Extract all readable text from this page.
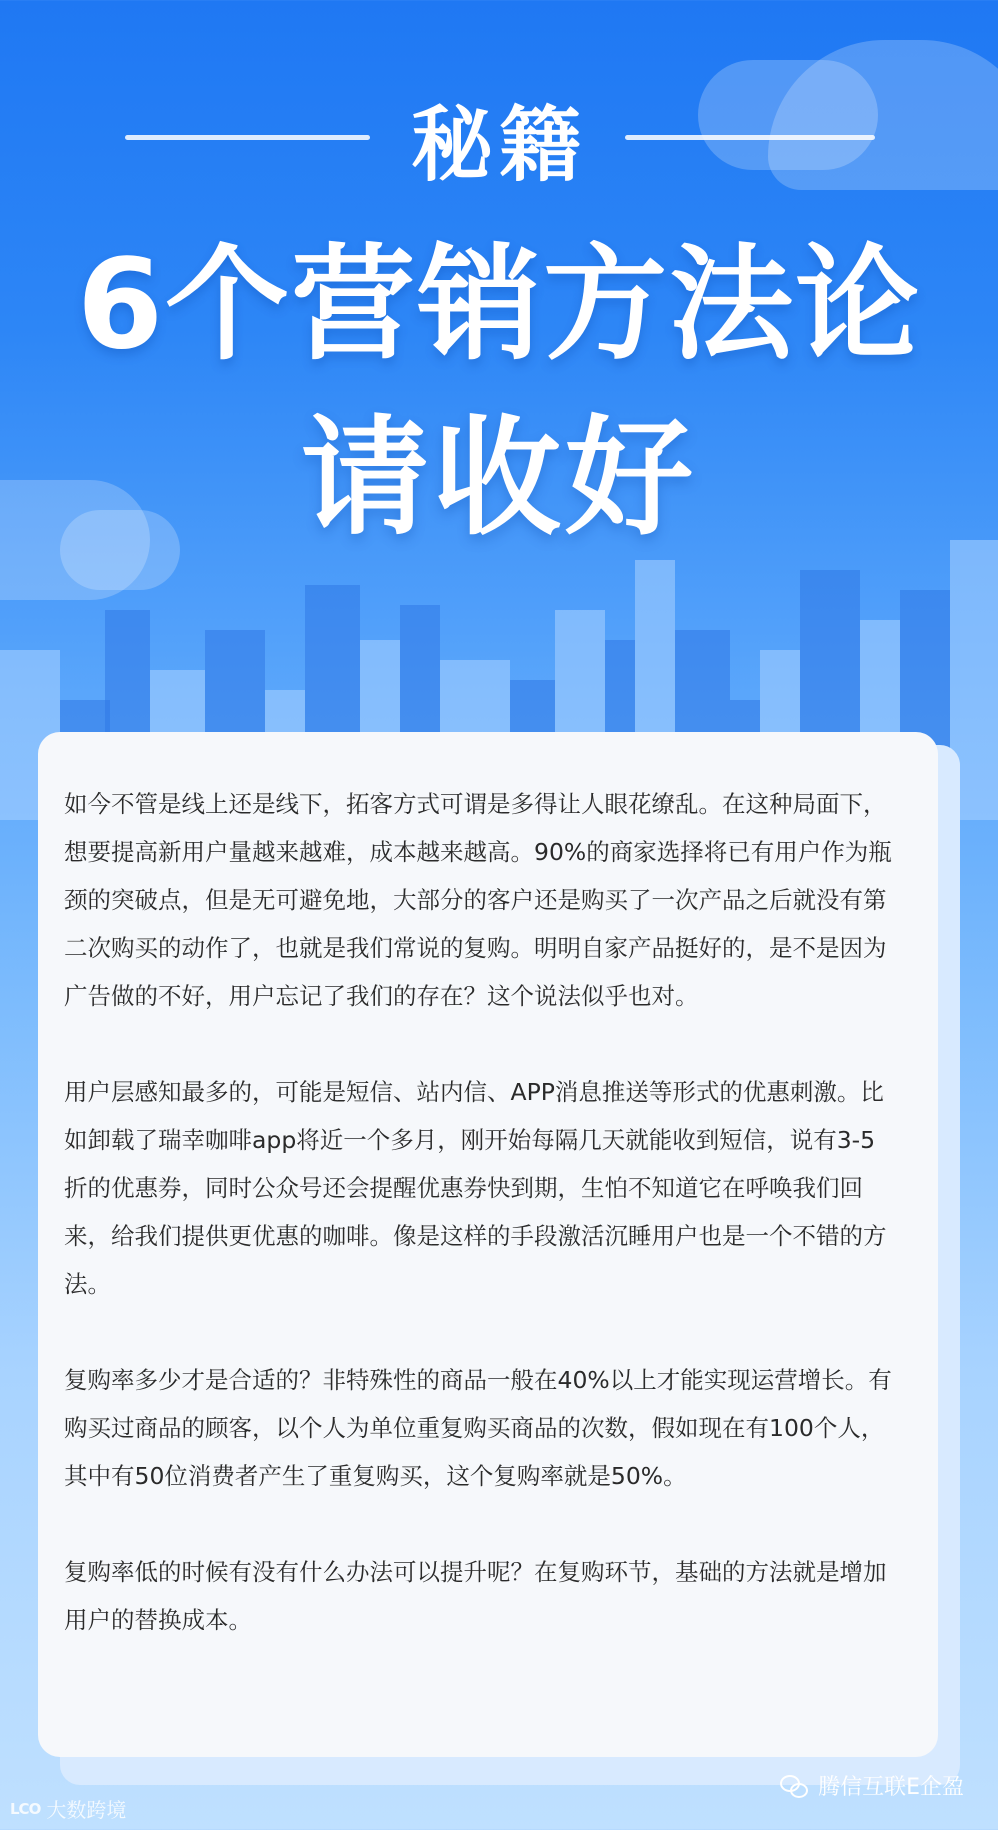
秘籍
6个营销方法论
请收好

如今不管是线上还是线下，拓客方式可谓是多得让人眼花缭乱。在这种局面下，想要提高新用户量越来越难，成本越来越高。90%的商家选择将已有用户作为瓶颈的突破点，但是无可避免地，大部分的客户还是购买了一次产品之后就没有第二次购买的动作了，也就是我们常说的复购。明明自家产品挺好的，是不是因为广告做的不好，用户忘记了我们的存在？这个说法似乎也对。

用户层感知最多的，可能是短信、站内信、APP消息推送等形式的优惠刺激。比如卸载了瑞幸咖啡app将近一个多月，刚开始每隔几天就能收到短信，说有3-5折的优惠券，同时公众号还会提醒优惠券快到期，生怕不知道它在呼唤我们回来，给我们提供更优惠的咖啡。像是这样的手段激活沉睡用户也是一个不错的方法。

复购率多少才是合适的？非特殊性的商品一般在40%以上才能实现运营增长。有购买过商品的顾客，以个人为单位重复购买商品的次数，假如现在有100个人，其中有50位消费者产生了重复购买，这个复购率就是50%。

复购率低的时候有没有什么办法可以提升呢？在复购环节，基础的方法就是增加用户的替换成本。

腾信互联E企盈
LCO 大数跨境
